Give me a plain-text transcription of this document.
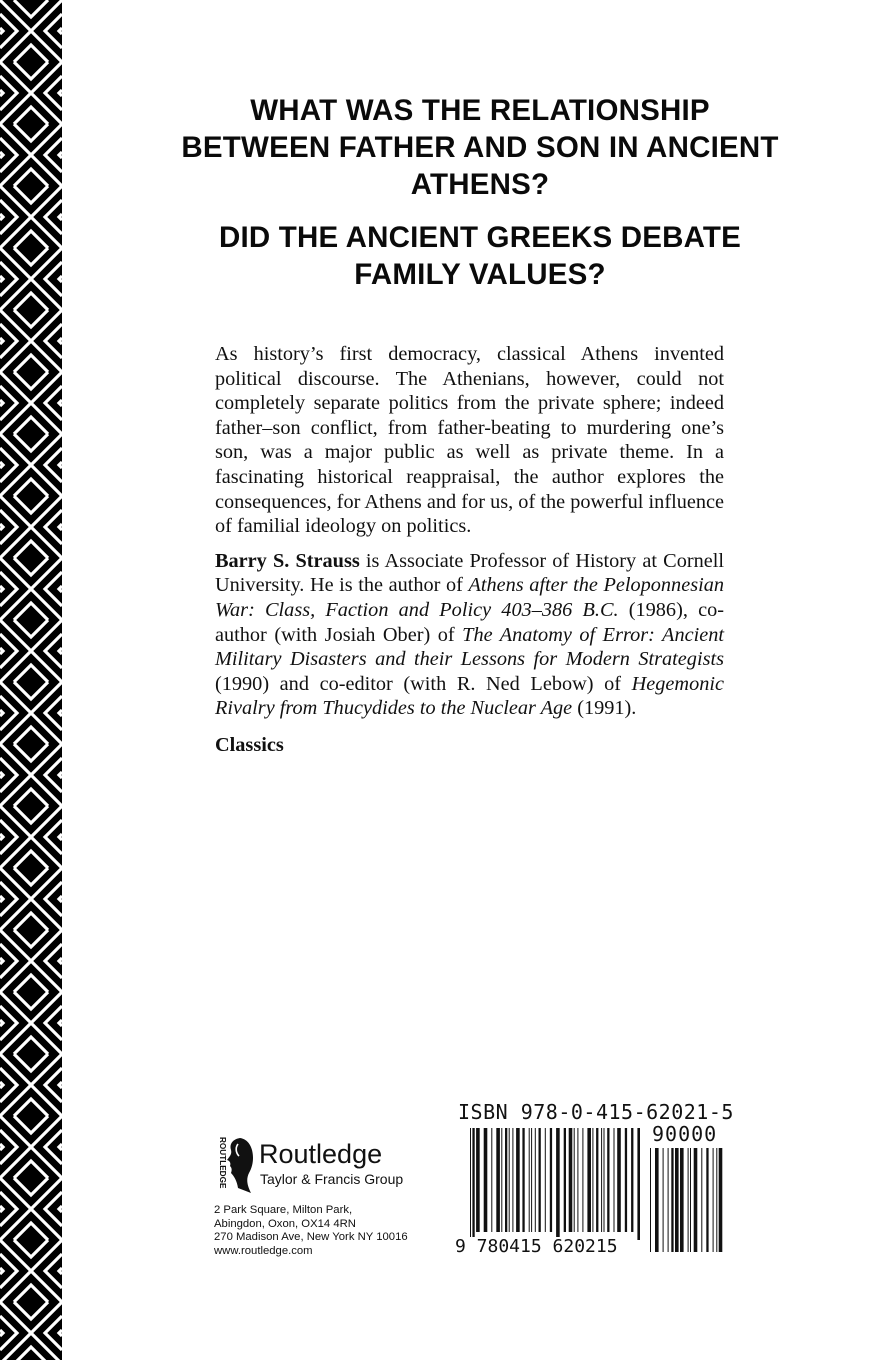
WHAT WAS THE RELATIONSHIP BETWEEN FATHER AND SON IN ANCIENT ATHENS?
DID THE ANCIENT GREEKS DEBATE FAMILY VALUES?

As history’s first democracy, classical Athens invented political discourse. The Athenians, however, could not completely separate politics from the private sphere; indeed father–son conflict, from father-beating to murdering one’s son, was a major public as well as private theme. In a fascinating historical reappraisal, the author explores the consequences, for Athens and for us, of the powerful influence of familial ideology on politics.

Barry S. Strauss is Associate Professor of History at Cornell University. He is the author of Athens after the Peloponnesian War: Class, Faction and Policy 403–386 B.C. (1986), co-author (with Josiah Ober) of The Anatomy of Error: Ancient Military Disasters and their Lessons for Modern Strategists (1990) and co-editor (with R. Ned Lebow) of Hegemonic Rivalry from Thucydides to the Nuclear Age (1991).

Classics

ROUTLEDGE Routledge
Taylor & Francis Group
2 Park Square, Milton Park,
Abingdon, Oxon, OX14 4RN
270 Madison Ave, New York NY 10016
www.routledge.com
ISBN 978-0-415-62021-5
90000
9 780415 620215
